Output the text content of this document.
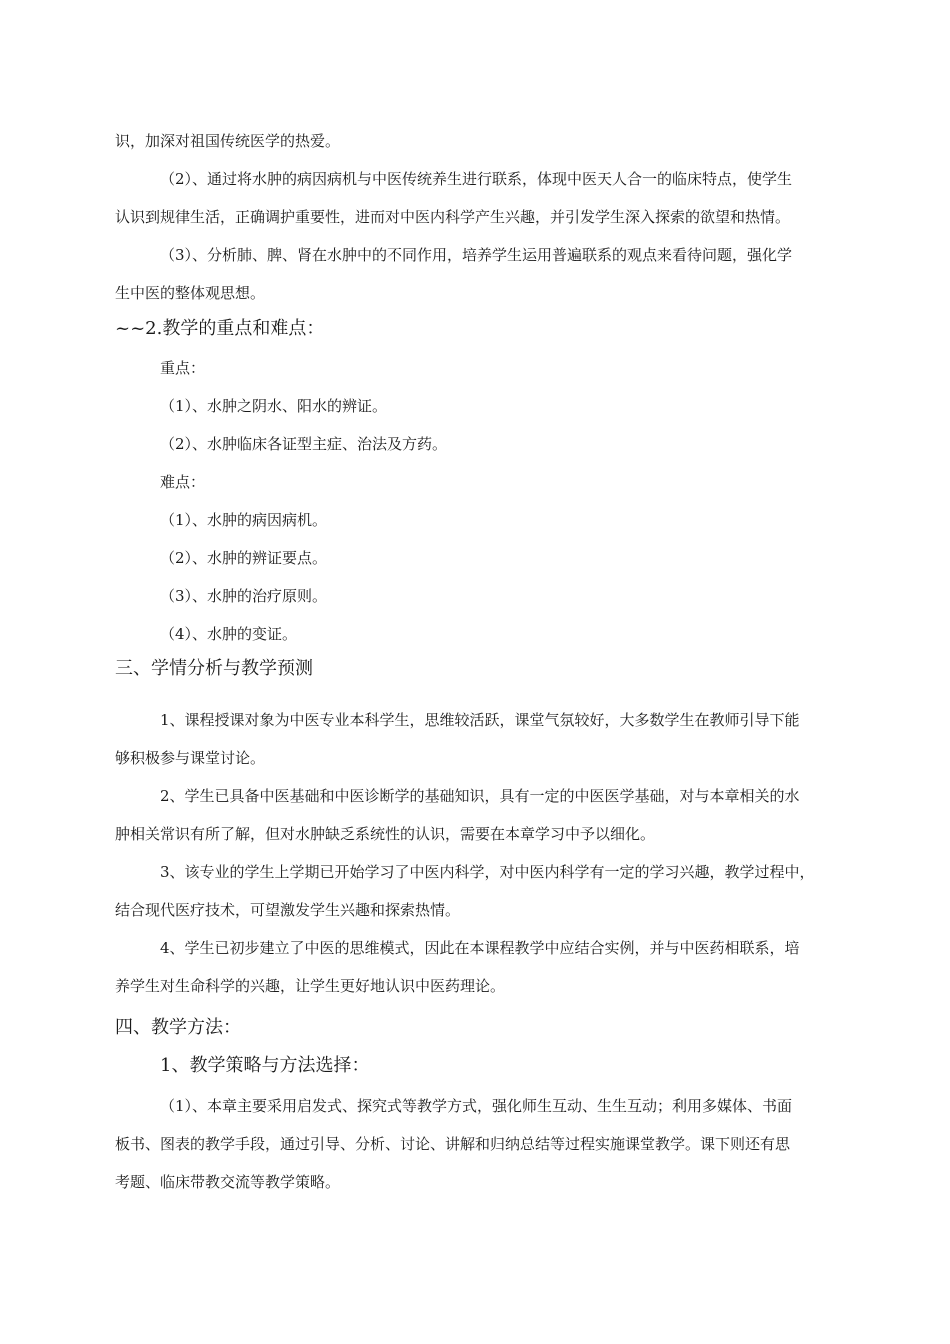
识，加深对祖国传统医学的热爱。
（2）、通过将水肿的病因病机与中医传统养生进行联系，体现中医天人合一的临床特点，使学生
认识到规律生活，正确调护重要性，进而对中医内科学产生兴趣，并引发学生深入探索的欲望和热情。
（3）、分析肺、脾、肾在水肿中的不同作用，培养学生运用普遍联系的观点来看待问题，强化学
生中医的整体观思想。
~~2.教学的重点和难点：
重点：
（1）、水肿之阴水、阳水的辨证。
（2）、水肿临床各证型主症、治法及方药。
难点：
（1）、水肿的病因病机。
（2）、水肿的辨证要点。
（3）、水肿的治疗原则。
（4）、水肿的变证。
三、学情分析与教学预测
1、课程授课对象为中医专业本科学生，思维较活跃，课堂气氛较好，大多数学生在教师引导下能
够积极参与课堂讨论。
2、学生已具备中医基础和中医诊断学的基础知识，具有一定的中医医学基础，对与本章相关的水
肿相关常识有所了解，但对水肿缺乏系统性的认识，需要在本章学习中予以细化。
3、该专业的学生上学期已开始学习了中医内科学，对中医内科学有一定的学习兴趣，教学过程中，
结合现代医疗技术，可望激发学生兴趣和探索热情。
4、学生已初步建立了中医的思维模式，因此在本课程教学中应结合实例，并与中医药相联系，培
养学生对生命科学的兴趣，让学生更好地认识中医药理论。
四、教学方法：
1、教学策略与方法选择：
（1）、本章主要采用启发式、探究式等教学方式，强化师生互动、生生互动；利用多媒体、书面
板书、图表的教学手段，通过引导、分析、讨论、讲解和归纳总结等过程实施课堂教学。课下则还有思
考题、临床带教交流等教学策略。
